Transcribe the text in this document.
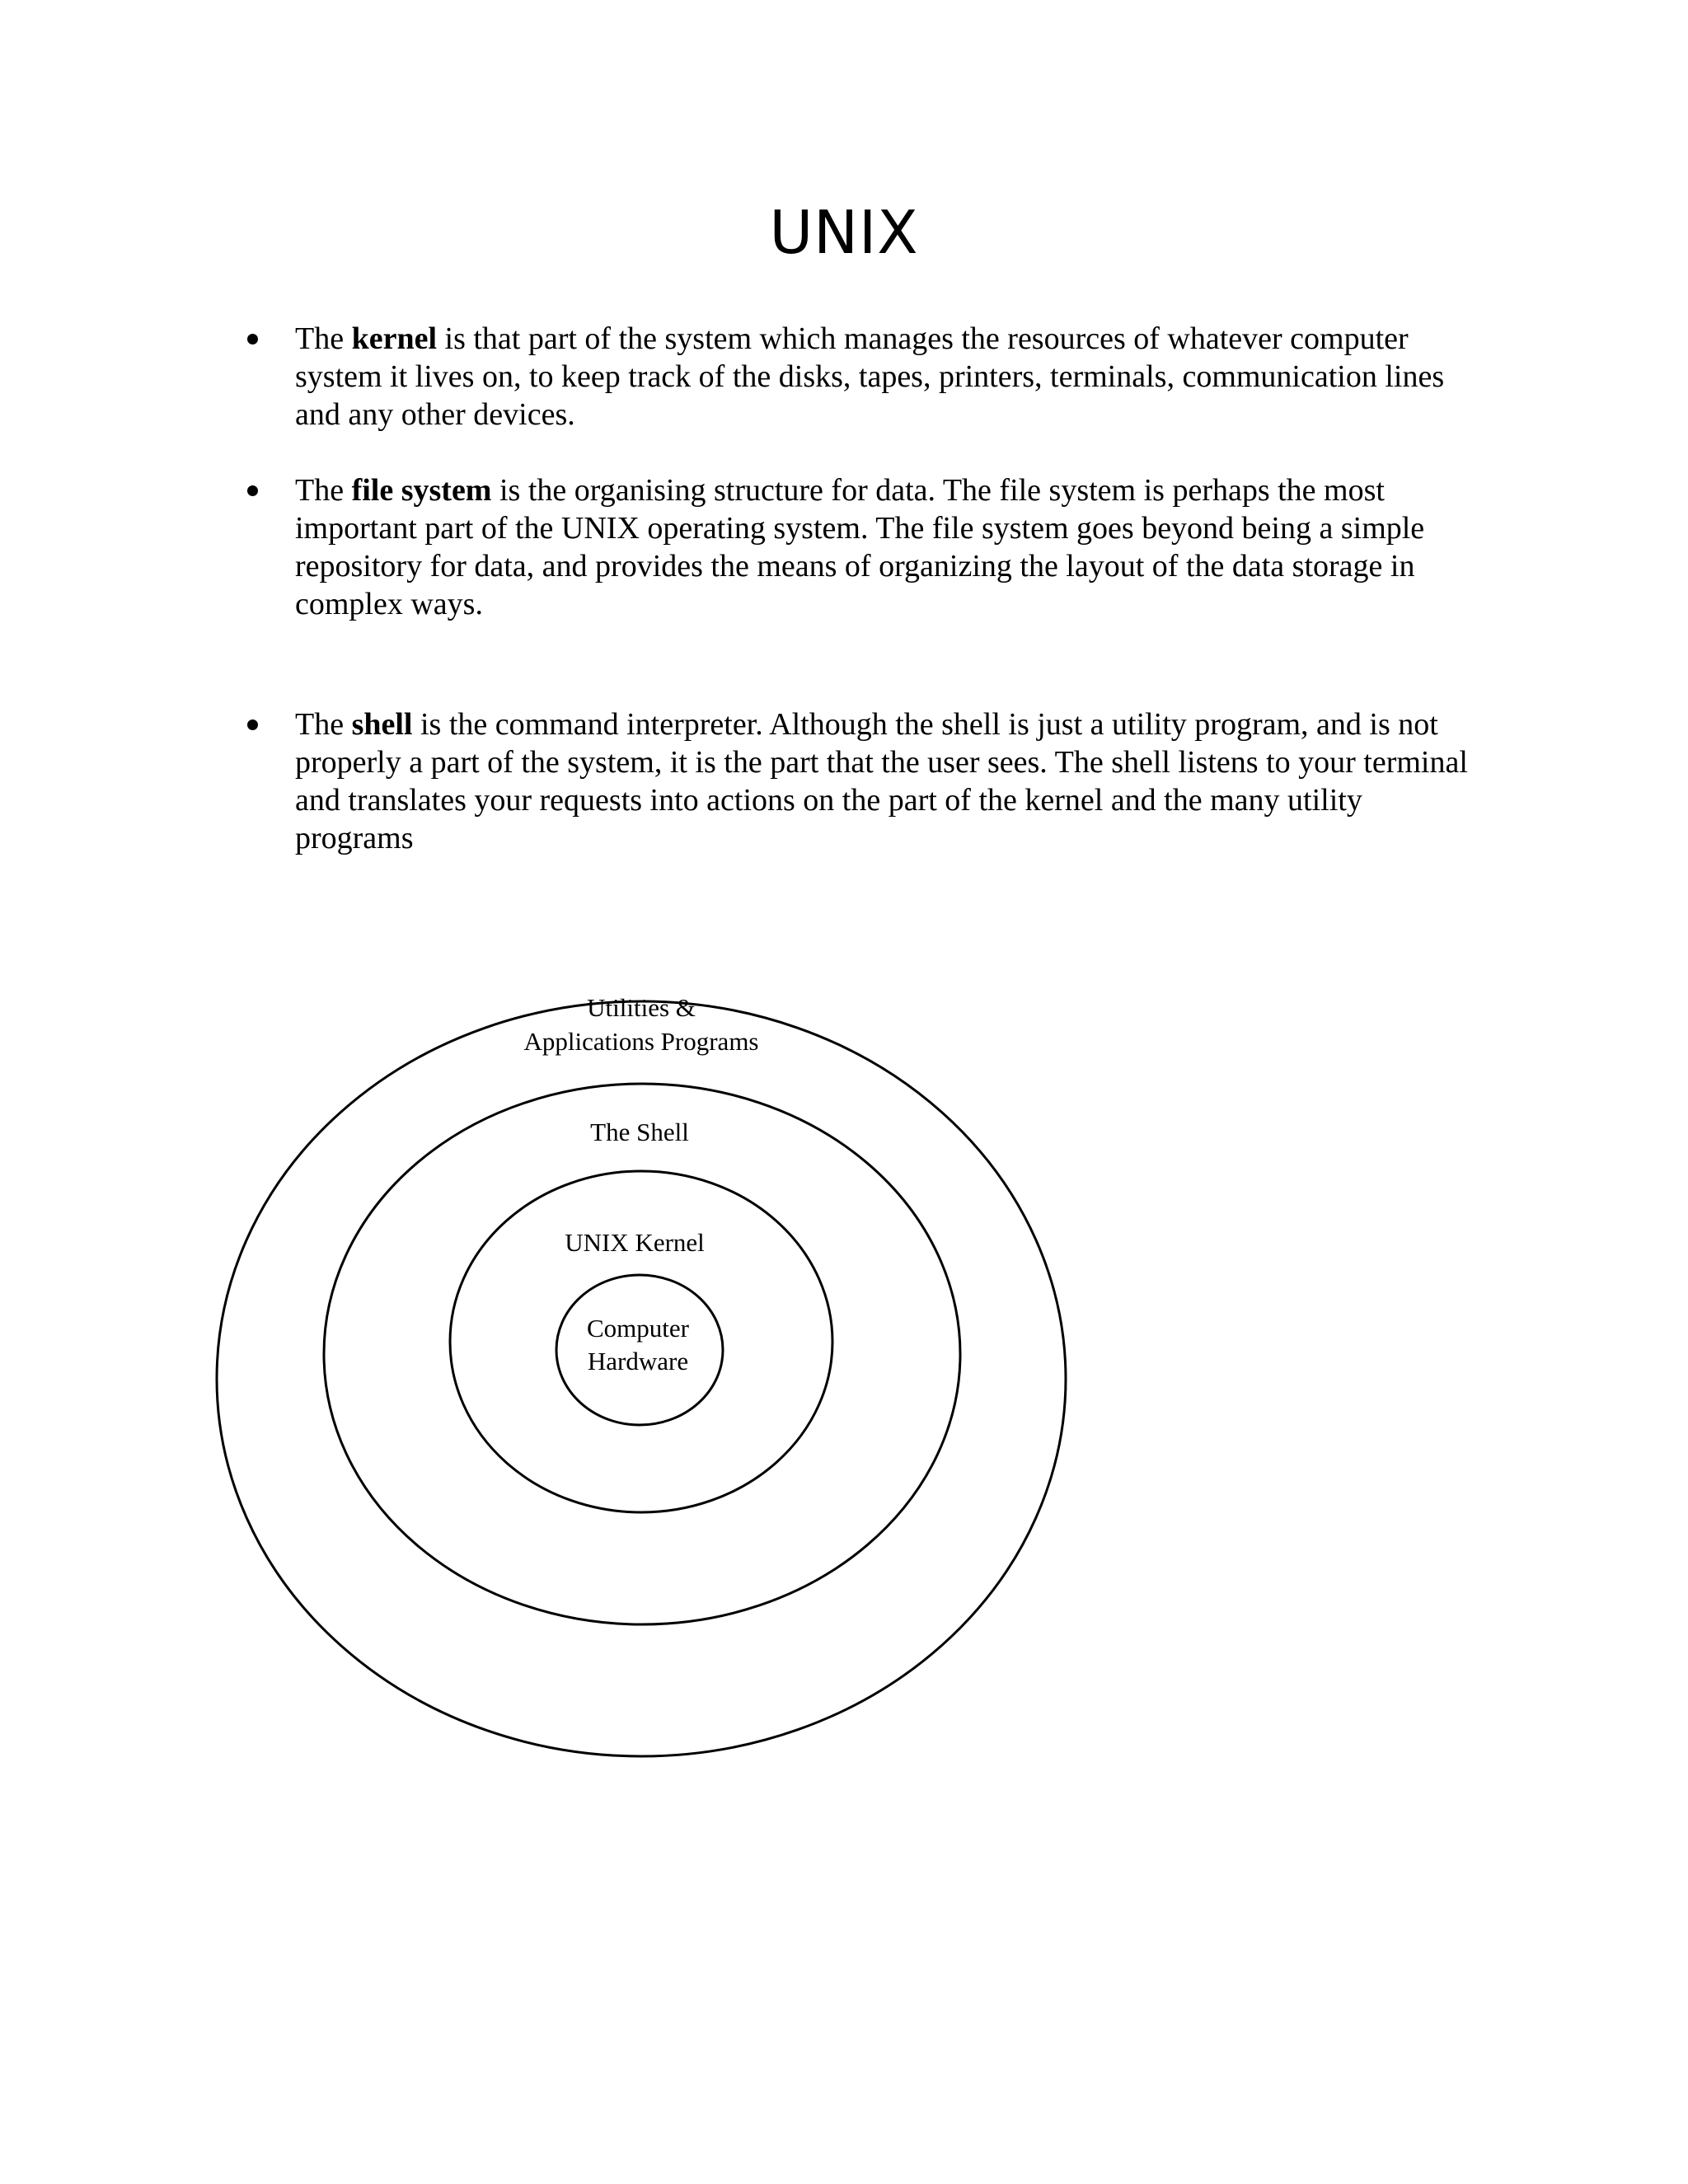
UNIX
The kernel is that part of the system which manages the resources of whatever computer system it lives on, to keep track of the disks, tapes, printers, terminals, communication lines and any other devices.
The file system is the organising structure for data. The file system is perhaps the most important part of the UNIX operating system. The file system goes beyond being a simple repository for data, and provides the means of organizing the layout of the data storage in complex ways.
The shell is the command interpreter. Although the shell is just a utility program, and is not properly a part of the system, it is the part that the user sees. The shell listens to your terminal and translates your requests into actions on the part of the kernel and the many utility programs
Utilities &
Applications Programs
The Shell
UNIX Kernel
Computer
Hardware
